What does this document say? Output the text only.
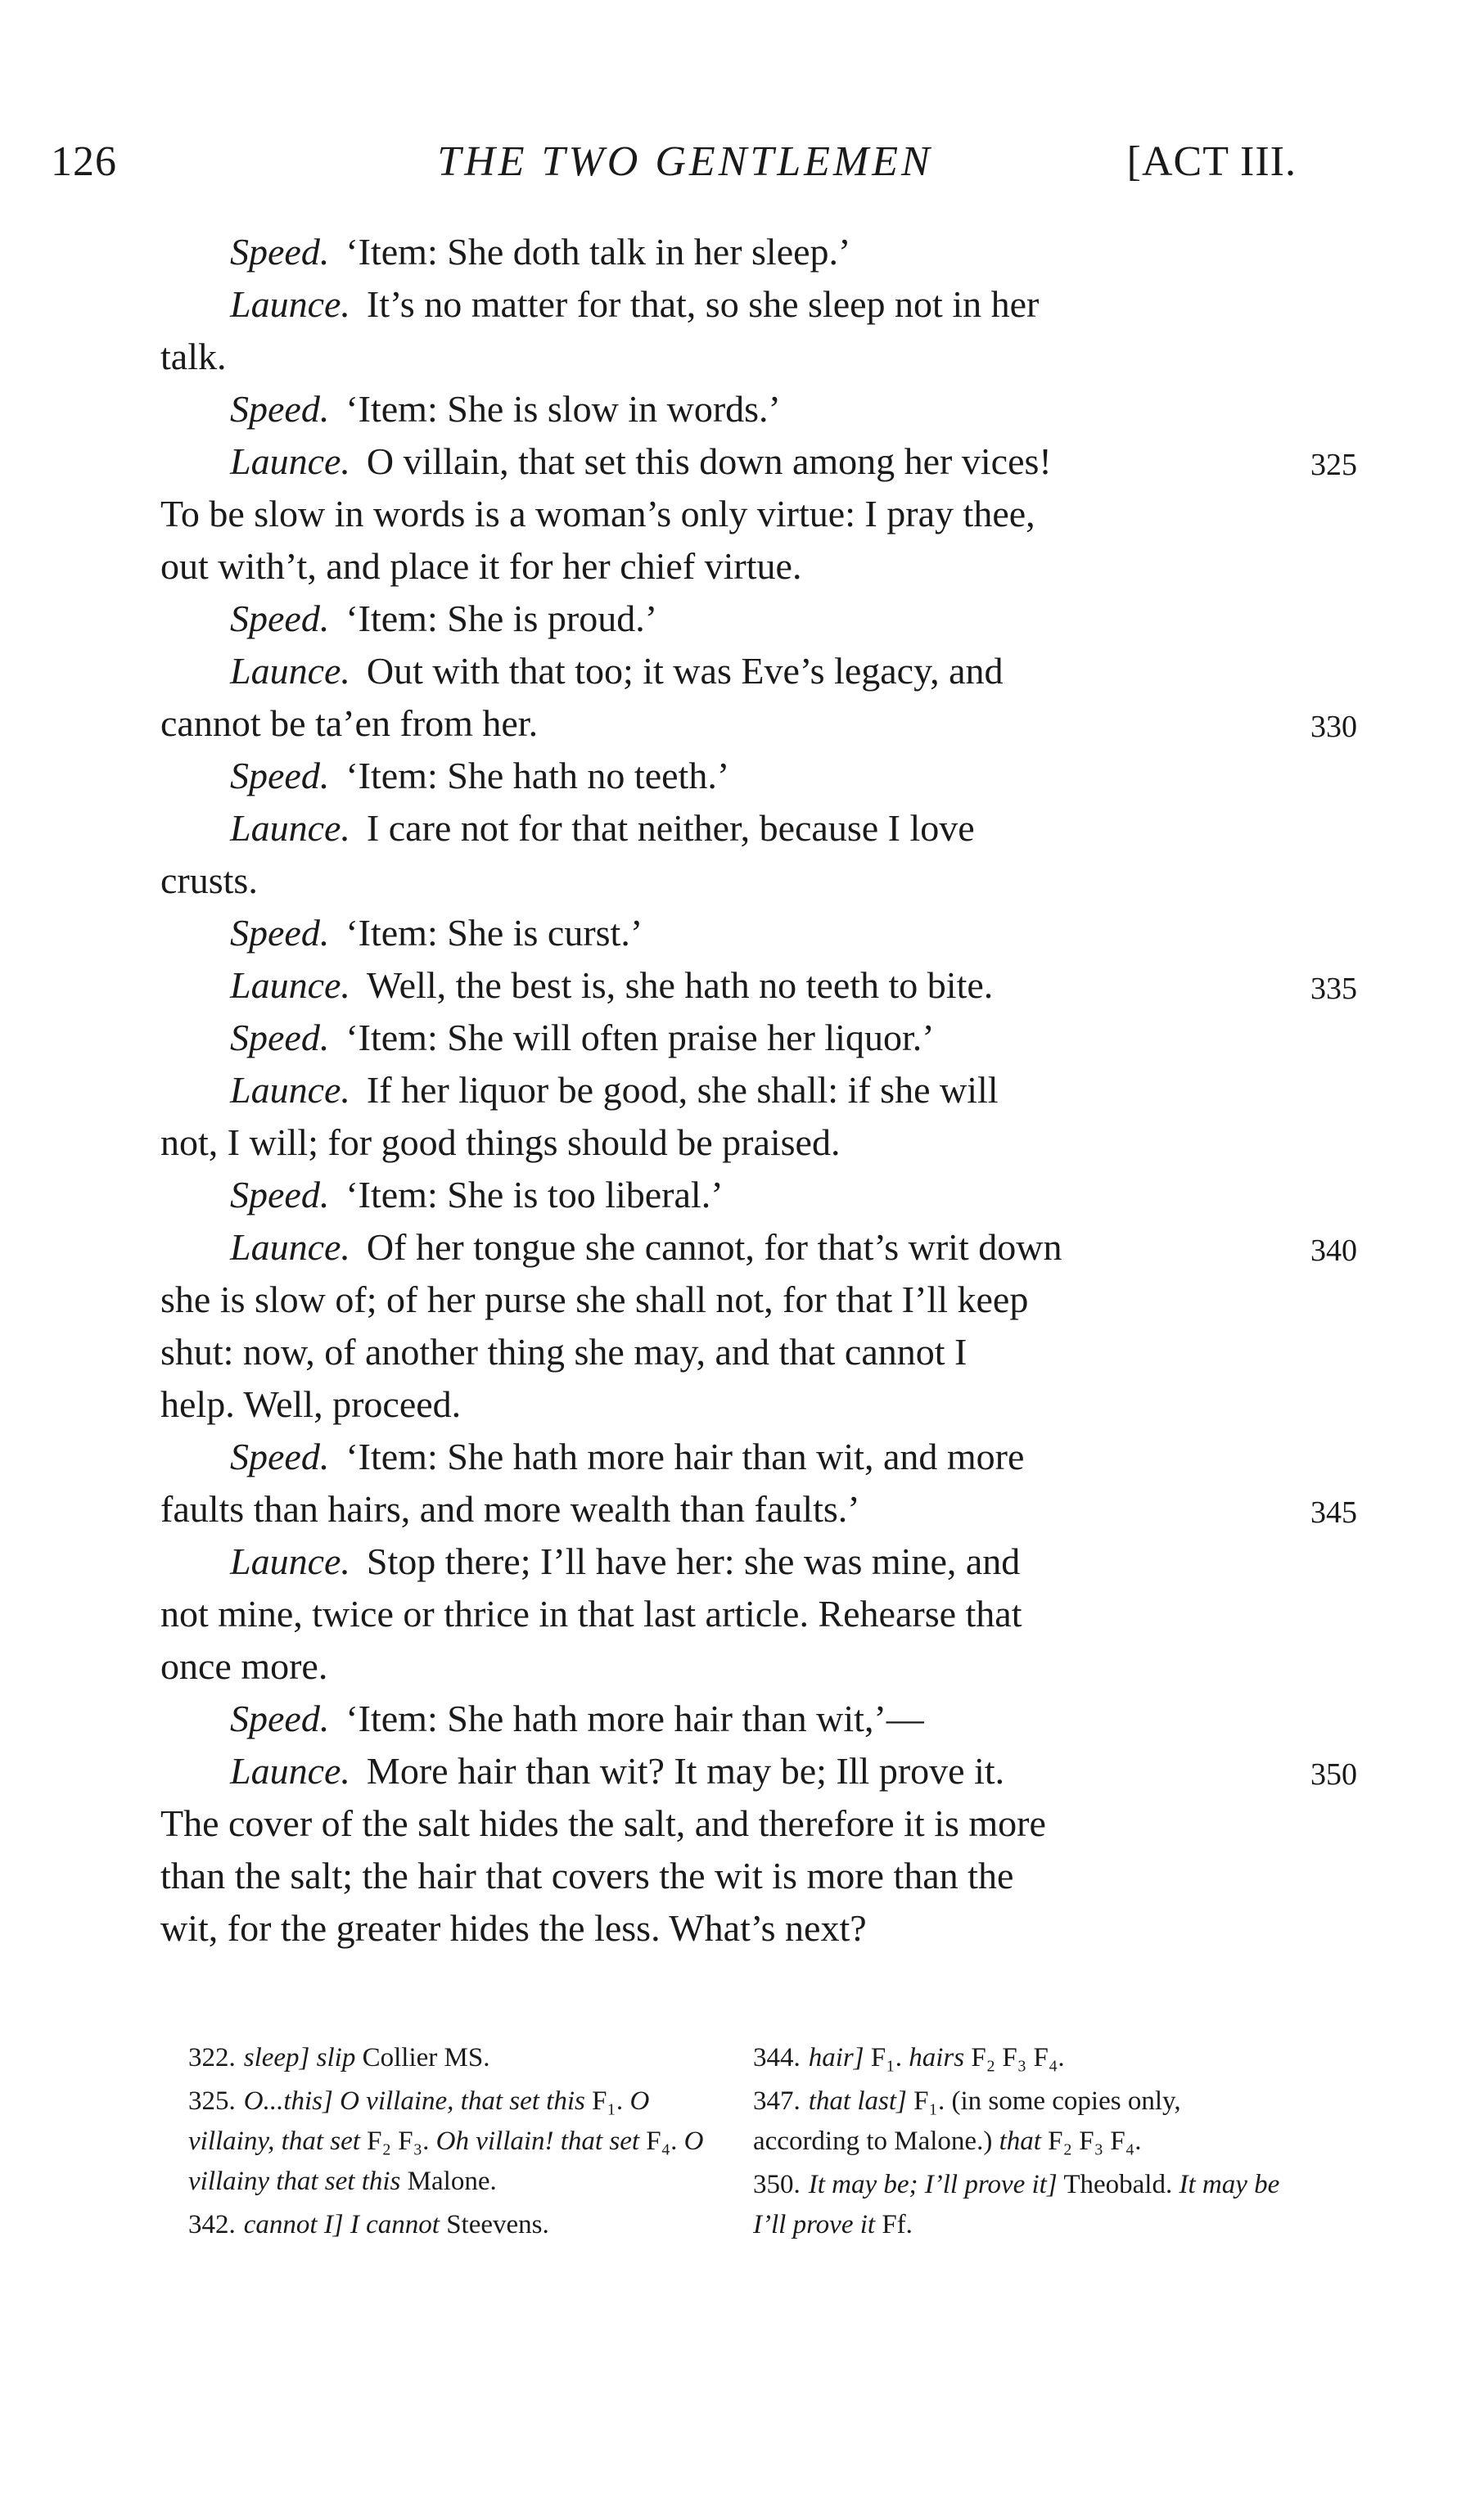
126	THE TWO GENTLEMEN	[ACT III.
Speed. ‘Item: She doth talk in her sleep.’
Launce. It’s no matter for that, so she sleep not in her
talk.
Speed. ‘Item: She is slow in words.’
Launce. O villain, that set this down among her vices!	325
To be slow in words is a woman’s only virtue: I pray thee,
out with’t, and place it for her chief virtue.
Speed. ‘Item: She is proud.’
Launce. Out with that too; it was Eve’s legacy, and
cannot be ta’en from her.	330
Speed. ‘Item: She hath no teeth.’
Launce. I care not for that neither, because I love
crusts.
Speed. ‘Item: She is curst.’
Launce. Well, the best is, she hath no teeth to bite.	335
Speed. ‘Item: She will often praise her liquor.’
Launce. If her liquor be good, she shall: if she will
not, I will; for good things should be praised.
Speed. ‘Item: She is too liberal.’
Launce. Of her tongue she cannot, for that’s writ down	340
she is slow of; of her purse she shall not, for that I’ll keep
shut: now, of another thing she may, and that cannot I
help. Well, proceed.
Speed. ‘Item: She hath more hair than wit, and more
faults than hairs, and more wealth than faults.’	345
Launce. Stop there; I’ll have her: she was mine, and
not mine, twice or thrice in that last article. Rehearse that
once more.
Speed. ‘Item: She hath more hair than wit,’—
Launce. More hair than wit? It may be; Ill prove it.	350
The cover of the salt hides the salt, and therefore it is more
than the salt; the hair that covers the wit is more than the
wit, for the greater hides the less. What’s next?
322. sleep] slip Collier MS.
325. O...this] O villaine, that set this F₁. O villainy, that set F₂ F₃. Oh villain! that set F₄. O villainy that set this Malone.
342. cannot I] I cannot Steevens.
344. hair] F₁. hairs F₂ F₃ F₄.
347. that last] F₁. (in some copies only, according to Malone.) that F₂ F₃ F₄.
350. It may be; I’ll prove it] Theobald. It may be I’ll prove it Ff.
